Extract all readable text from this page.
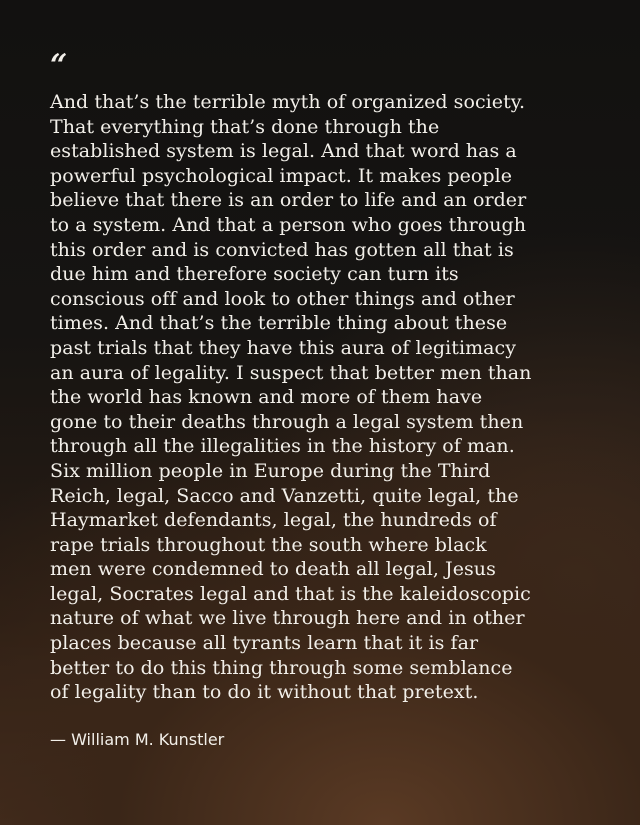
“

And that’s the terrible myth of organized society.
That everything that’s done through the
established system is legal. And that word has a
powerful psychological impact. It makes people
believe that there is an order to life and an order
to a system. And that a person who goes through
this order and is convicted has gotten all that is
due him and therefore society can turn its
conscious off and look to other things and other
times. And that’s the terrible thing about these
past trials that they have this aura of legitimacy
an aura of legality. I suspect that better men than
the world has known and more of them have
gone to their deaths through a legal system then
through all the illegalities in the history of man.
Six million people in Europe during the Third
Reich, legal, Sacco and Vanzetti, quite legal, the
Haymarket defendants, legal, the hundreds of
rape trials throughout the south where black
men were condemned to death all legal, Jesus
legal, Socrates legal and that is the kaleidoscopic
nature of what we live through here and in other
places because all tyrants learn that it is far
better to do this thing through some semblance
of legality than to do it without that pretext.

— William M. Kunstler
